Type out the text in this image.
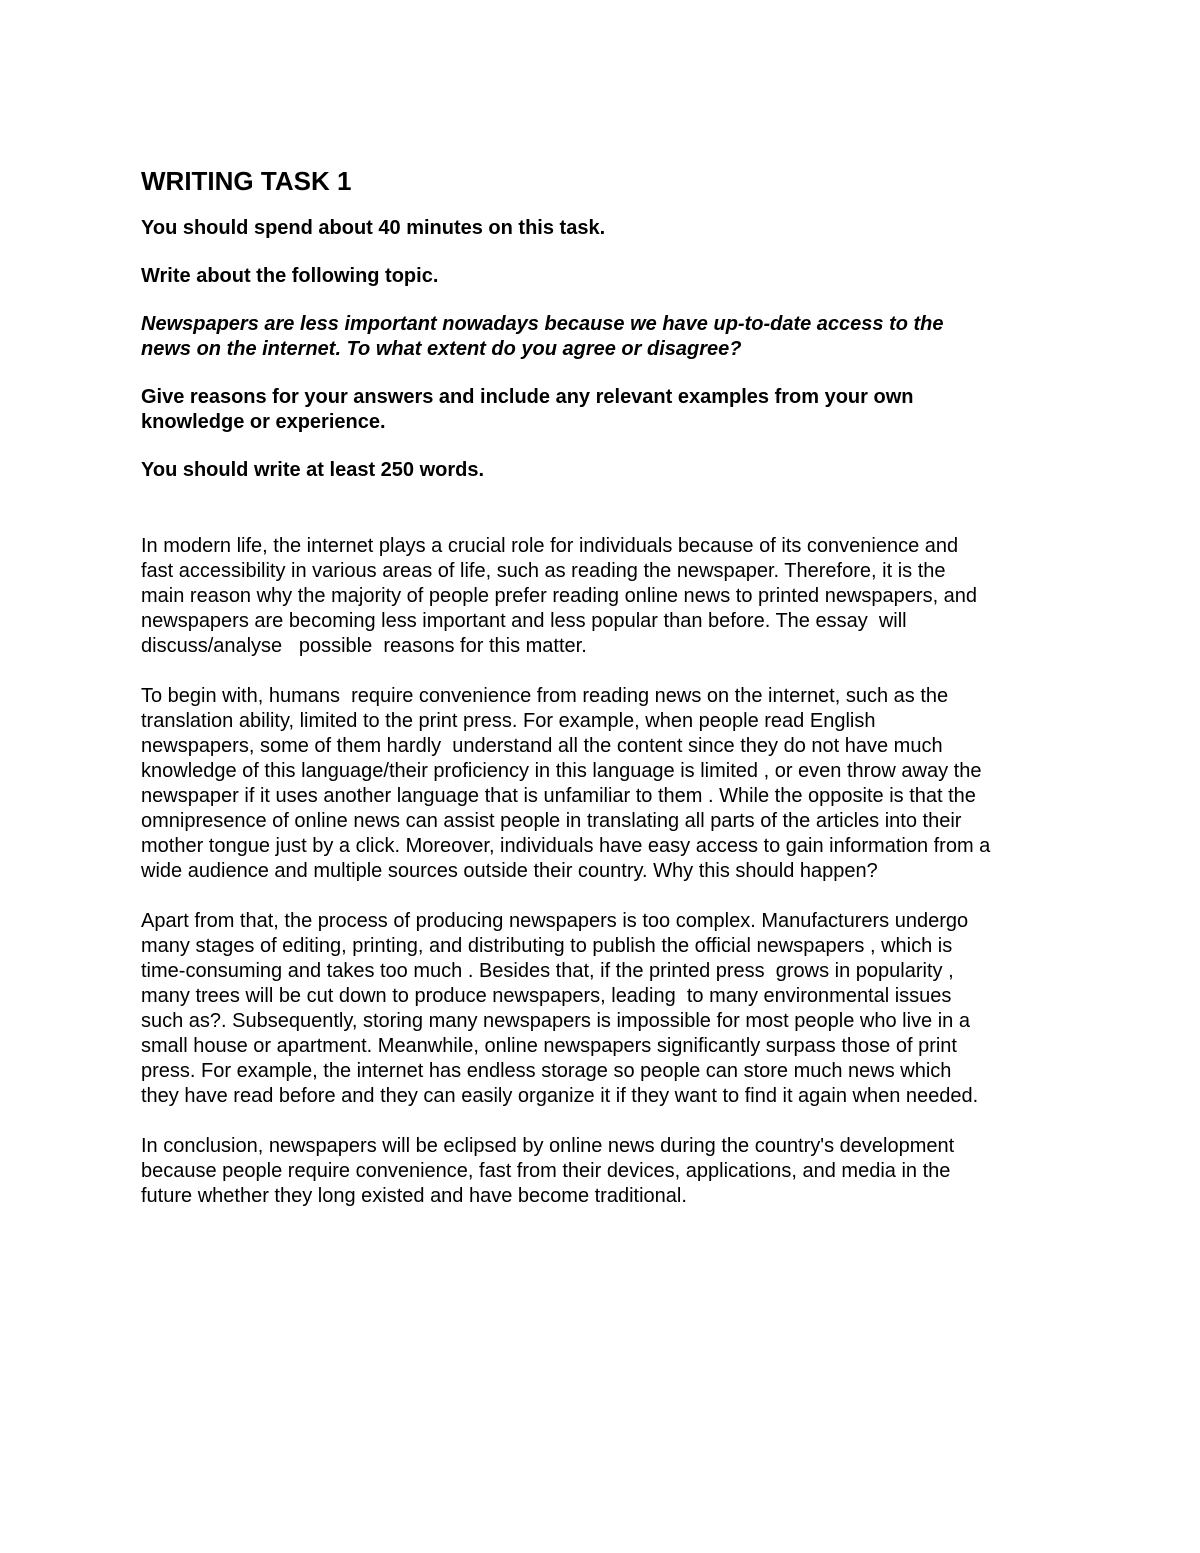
WRITING TASK 1
You should spend about 40 minutes on this task.
Write about the following topic.
Newspapers are less important nowadays because we have up-to-date access to the
news on the internet. To what extent do you agree or disagree?
Give reasons for your answers and include any relevant examples from your own
knowledge or experience.
You should write at least 250 words.
In modern life, the internet plays a crucial role for individuals because of its convenience and
fast accessibility in various areas of life, such as reading the newspaper. Therefore, it is the
main reason why the majority of people prefer reading online news to printed newspapers, and
newspapers are becoming less important and less popular than before. The essay  will
discuss/analyse   possible  reasons for this matter.
To begin with, humans  require convenience from reading news on the internet, such as the
translation ability, limited to the print press. For example, when people read English
newspapers, some of them hardly  understand all the content since they do not have much
knowledge of this language/their proficiency in this language is limited , or even throw away the
newspaper if it uses another language that is unfamiliar to them . While the opposite is that the
omnipresence of online news can assist people in translating all parts of the articles into their
mother tongue just by a click. Moreover, individuals have easy access to gain information from a
wide audience and multiple sources outside their country. Why this should happen?
Apart from that, the process of producing newspapers is too complex. Manufacturers undergo
many stages of editing, printing, and distributing to publish the official newspapers , which is
time-consuming and takes too much . Besides that, if the printed press  grows in popularity ,
many trees will be cut down to produce newspapers, leading  to many environmental issues
such as?. Subsequently, storing many newspapers is impossible for most people who live in a
small house or apartment. Meanwhile, online newspapers significantly surpass those of print
press. For example, the internet has endless storage so people can store much news which
they have read before and they can easily organize it if they want to find it again when needed.
In conclusion, newspapers will be eclipsed by online news during the country's development
because people require convenience, fast from their devices, applications, and media in the
future whether they long existed and have become traditional.
